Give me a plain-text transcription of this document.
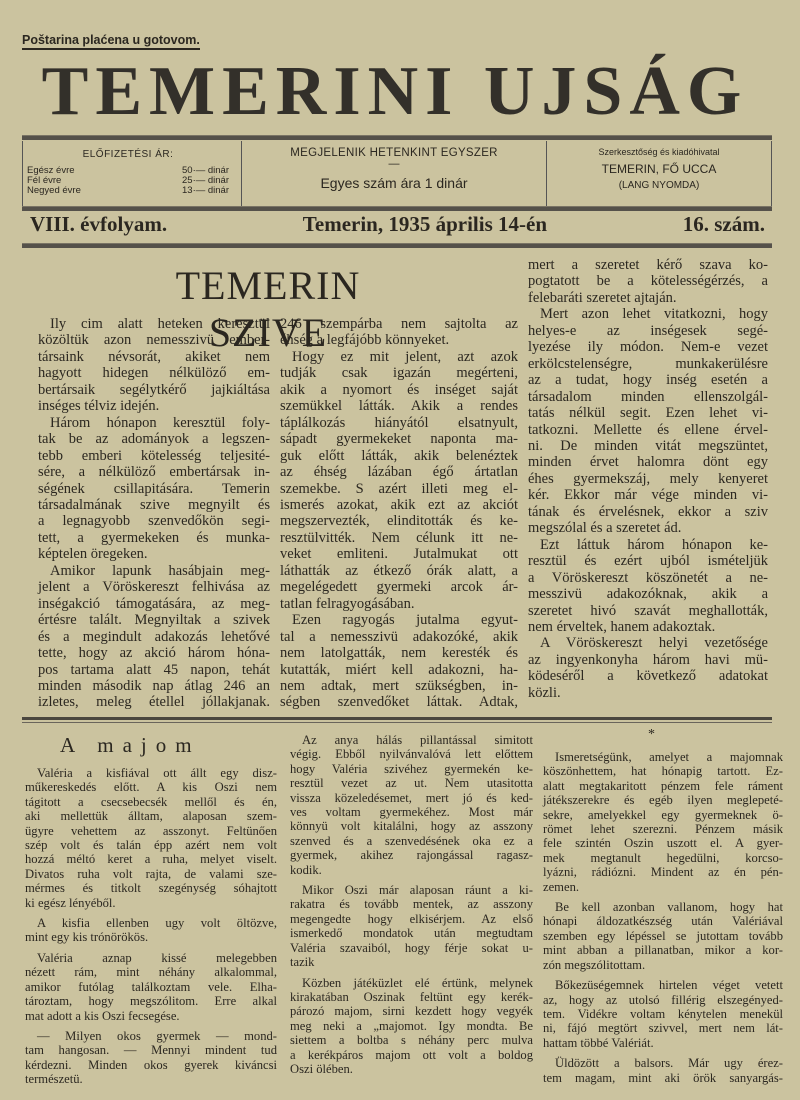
Poštarina plaćena u gotovom.
TEMERINI UJSÁG
ELŐFIZETÉSI ÁR:
Egész évre	50·— dinár
Fél évre	25·— dinár
Negyed évre	13·— dinár
MEGJELENIK HETENKINT EGYSZER
—
Egyes szám ára 1 dinár
Szerkesztőség és kiadóhivatal
TEMERIN, FŐ UCCA
(LANG NYOMDA)
VIII. évfolyam.	Temerin, 1935 április 14-én	16. szám.
TEMERIN SZIVE
Ily cim alatt heteken keresztül
közöltük azon nemesszivü ember-
társaink névsorát, akiket nem
hagyott hidegen nélkülöző em-
bertársaik segélytkérő jajkiáltása
inséges télviz idején.
Három hónapon keresztül foly-
tak be az adományok a legszen-
tebb emberi kötelesség teljesité-
sére, a nélkülöző embertársak in-
ségének csillapitására. Temerin
társadalmának szive megnyilt és
a legnagyobb szenvedőkön segi-
tett, a gyermekeken és munka-
képtelen öregeken.
Amikor lapunk hasábjain meg-
jelent a Vöröskereszt felhivása az
inségakció támogatására, az meg-
értésre talált. Megnyiltak a szivek
és a megindult adakozás lehetővé
tette, hogy az akció három hóna-
pos tartama alatt 45 napon, tehát
minden második nap átlag 246 an
izletes, meleg étellel jóllakjanak.
246 szempárba nem sajtolta az
éhség a legfájóbb könnyeket.
Hogy ez mit jelent, azt azok
tudják csak igazán megérteni,
akik a nyomort és inséget saját
szemükkel látták. Akik a rendes
táplálkozás hiányától elsatnyult,
sápadt gyermekeket naponta ma-
guk előtt látták, akik belenéztek
az éhség lázában égő ártatlan
szemekbe. S azért illeti meg el-
ismerés azokat, akik ezt az akciót
megszervezték, elinditották és ke-
resztülvitték. Nem célunk itt ne-
veket emliteni. Jutalmukat ott
láthatták az étkező órák alatt, a
megelégedett gyermeki arcok ár-
tatlan felragyogásában.
Ezen ragyogás jutalma egyut-
tal a nemesszivü adakozóké, akik
nem latolgatták, nem keresték és
kutatták, miért kell adakozni, ha-
nem adtak, mert szükségben, in-
ségben szenvedőket láttak. Adtak,
mert a szeretet kérő szava ko-
pogtatott be a kötelességérzés, a
felebaráti szeretet ajtaján.
Mert azon lehet vitatkozni, hogy
helyes-e az inségesek segé-
lyezése ily módon. Nem-e vezet
erkölcstelenségre, munkakerülésre
az a tudat, hogy inség esetén a
társadalom minden ellenszolgál-
tatás nélkül segit. Ezen lehet vi-
tatkozni. Mellette és ellene érvel-
ni. De minden vitát megszüntet,
minden érvet halomra dönt egy
éhes gyermekszáj, mely kenyeret
kér. Ekkor már vége minden vi-
tának és érvelésnek, ekkor a sziv
megszólal és a szeretet ád.
Ezt láttuk három hónapon ke-
resztül és ezért ujból ismételjük
a Vöröskereszt köszönetét a ne-
messzivü adakozóknak, akik a
szeretet hivó szavát meghallották,
nem érveltek, hanem adakoztak.
A Vöröskereszt helyi vezetősége
az ingyenkonyha három havi mü-
ködeséről a következő adatokat
közli.
A majom	*
Valéria a kisfiával ott állt egy disz-
műkereskedés előtt. A kis Oszi nem
tágitott a csecsebecsék mellől és én,
aki mellettük álltam, alaposan szem-
ügyre vehettem az asszonyt. Feltünően
szép volt és talán épp azért nem volt
hozzá méltó keret a ruha, melyet viselt.
Divatos ruha volt rajta, de valami sze-
mérmes és titkolt szegénység sóhajtott
ki egész lényéből.
A kisfia ellenben ugy volt öltözve,
mint egy kis trónörökös.
Valéria aznap kissé melegebben
nézett rám, mint néhány alkalommal,
amikor futólag találkoztam vele. Elha-
tároztam, hogy megszólitom. Erre alkal
mat adott a kis Oszi fecsegése.
— Milyen okos gyermek — mond-
tam hangosan. — Mennyi mindent tud
kérdezni. Minden okos gyerek kiváncsi
természetü.
Az anya hálás pillantással simitott
végig. Ebből nyilvánvalóvá lett előttem
hogy Valéria szivéhez gyermekén ke-
resztül vezet az ut. Nem utasitotta
vissza közeledésemet, mert jó és ked-
ves voltam gyermekéhez. Most már
könnyü volt kitalálni, hogy az asszony
szenved és a szenvedésének oka ez a
gyermek, akihez rajongással ragasz-
kodik.
Mikor Oszi már alaposan ráunt a ki-
rakatra és tovább mentek, az asszony
megengedte hogy elkisérjem. Az első
ismerkedő mondatok után megtudtam
Valéria szavaiból, hogy férje sokat u-
tazik
Közben játéküzlet elé értünk, melynek
kirakatában Oszinak feltünt egy kerék-
pározó majom, sirni kezdett hogy vegyék
meg neki a „majomot. Igy mondta. Be
siettem a boltba s néhány perc mulva
a kerékpáros majom ott volt a boldog
Oszi ölében.
Ismeretségünk, amelyet a majomnak
köszönhettem, hat hónapig tartott. Ez-
alatt megtakaritott pénzem fele ráment
játékszerekre és egéb ilyen meglepeté-
sekre, amelyekkel egy gyermeknek ö-
römet lehet szerezni. Pénzem másik
fele szintén Oszin uszott el. A gyer-
mek megtanult hegedülni, korcso-
lyázni, rádiózni. Mindent az én pén-
zemen.
Be kell azonban vallanom, hogy hat
hónapi áldozatkészség után Valériával
szemben egy lépéssel se jutottam tovább
mint abban a pillanatban, mikor a kor-
zón megszólitottam.
Bőkezüségemnek hirtelen véget vetett
az, hogy az utolsó fillérig elszegényed-
tem. Vidékre voltam kénytelen menekül
ni, fájó megtört szivvel, mert nem lát-
hattam többé Valériát.
Üldözött a balsors. Már ugy érez-
tem magam, mint aki örök sanyargás-
